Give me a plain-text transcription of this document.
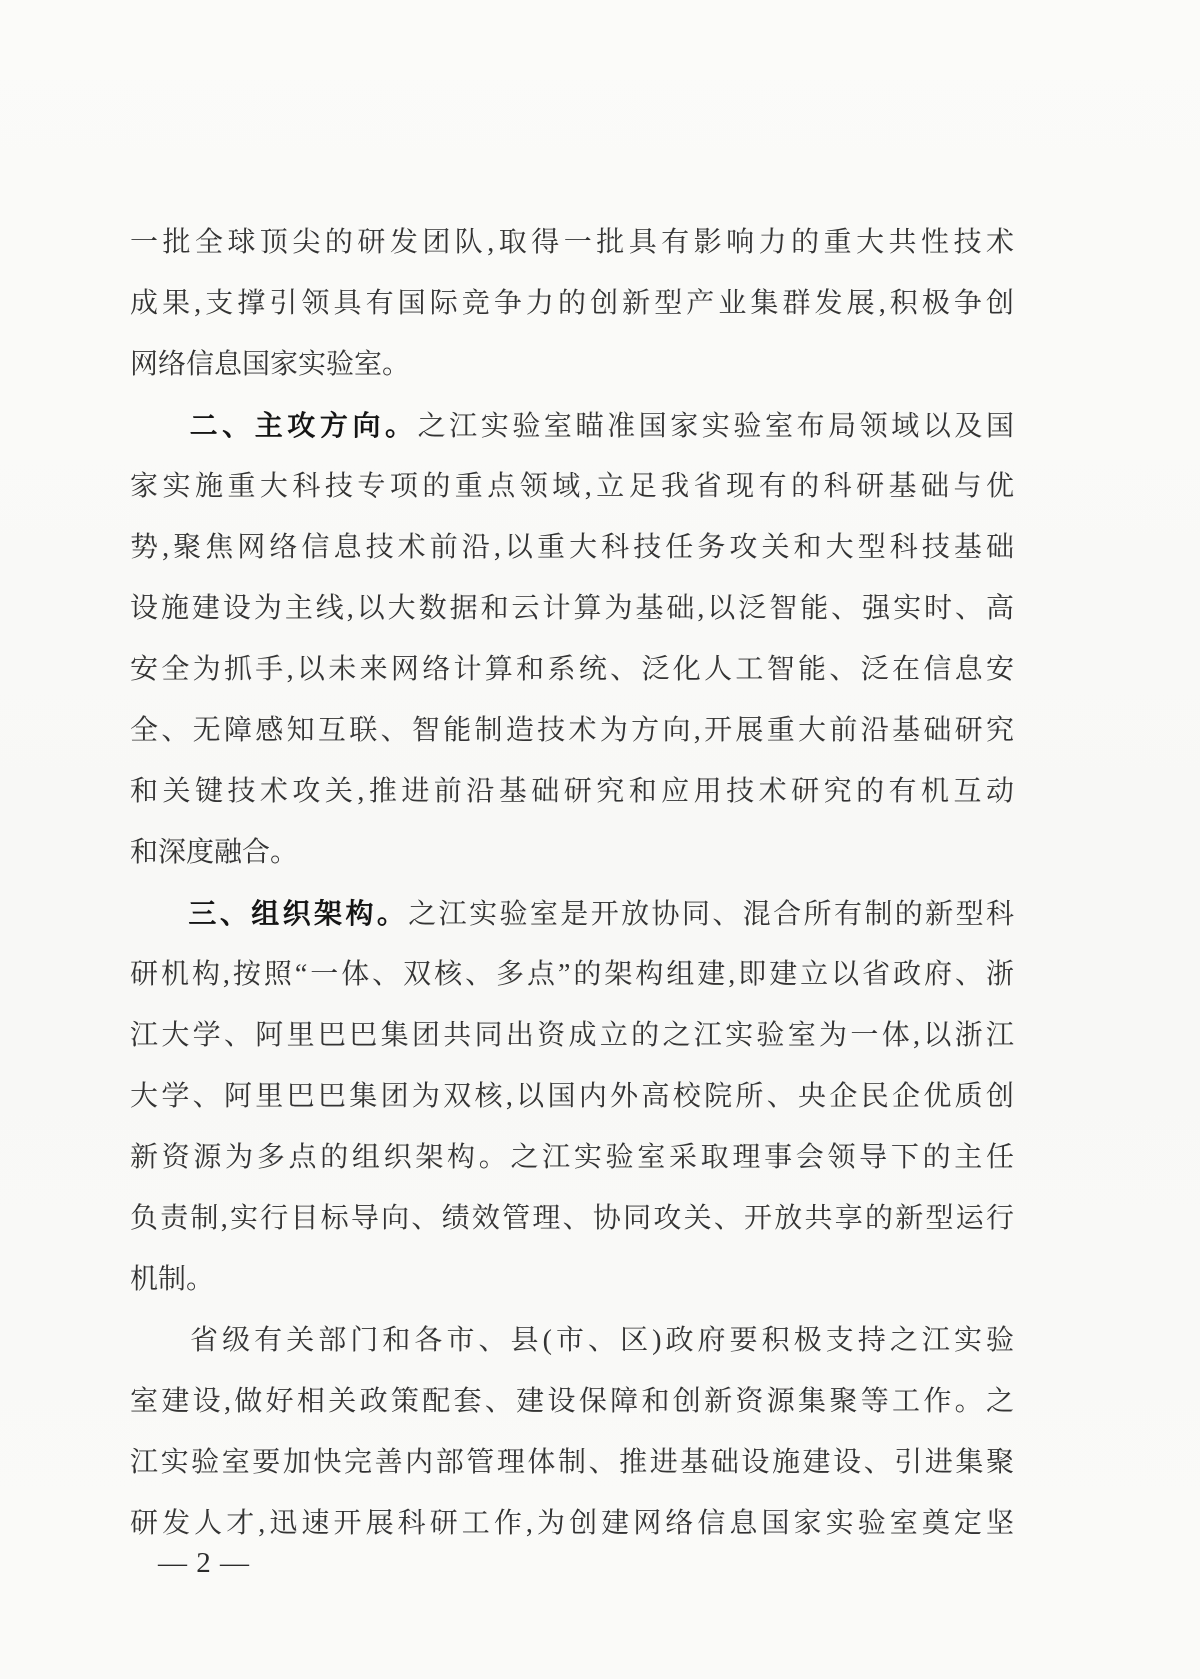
一批全球顶尖的研发团队,取得一批具有影响力的重大共性技术
成果,支撑引领具有国际竞争力的创新型产业集群发展,积极争创
网络信息国家实验室。
二、主攻方向。之江实验室瞄准国家实验室布局领域以及国
家实施重大科技专项的重点领域,立足我省现有的科研基础与优
势,聚焦网络信息技术前沿,以重大科技任务攻关和大型科技基础
设施建设为主线,以大数据和云计算为基础,以泛智能、强实时、高
安全为抓手,以未来网络计算和系统、泛化人工智能、泛在信息安
全、无障感知互联、智能制造技术为方向,开展重大前沿基础研究
和关键技术攻关,推进前沿基础研究和应用技术研究的有机互动
和深度融合。
三、组织架构。之江实验室是开放协同、混合所有制的新型科
研机构,按照“一体、双核、多点”的架构组建,即建立以省政府、浙
江大学、阿里巴巴集团共同出资成立的之江实验室为一体,以浙江
大学、阿里巴巴集团为双核,以国内外高校院所、央企民企优质创
新资源为多点的组织架构。之江实验室采取理事会领导下的主任
负责制,实行目标导向、绩效管理、协同攻关、开放共享的新型运行
机制。
省级有关部门和各市、县(市、区)政府要积极支持之江实验
室建设,做好相关政策配套、建设保障和创新资源集聚等工作。之
江实验室要加快完善内部管理体制、推进基础设施建设、引进集聚
研发人才,迅速开展科研工作,为创建网络信息国家实验室奠定坚
— 2 —
